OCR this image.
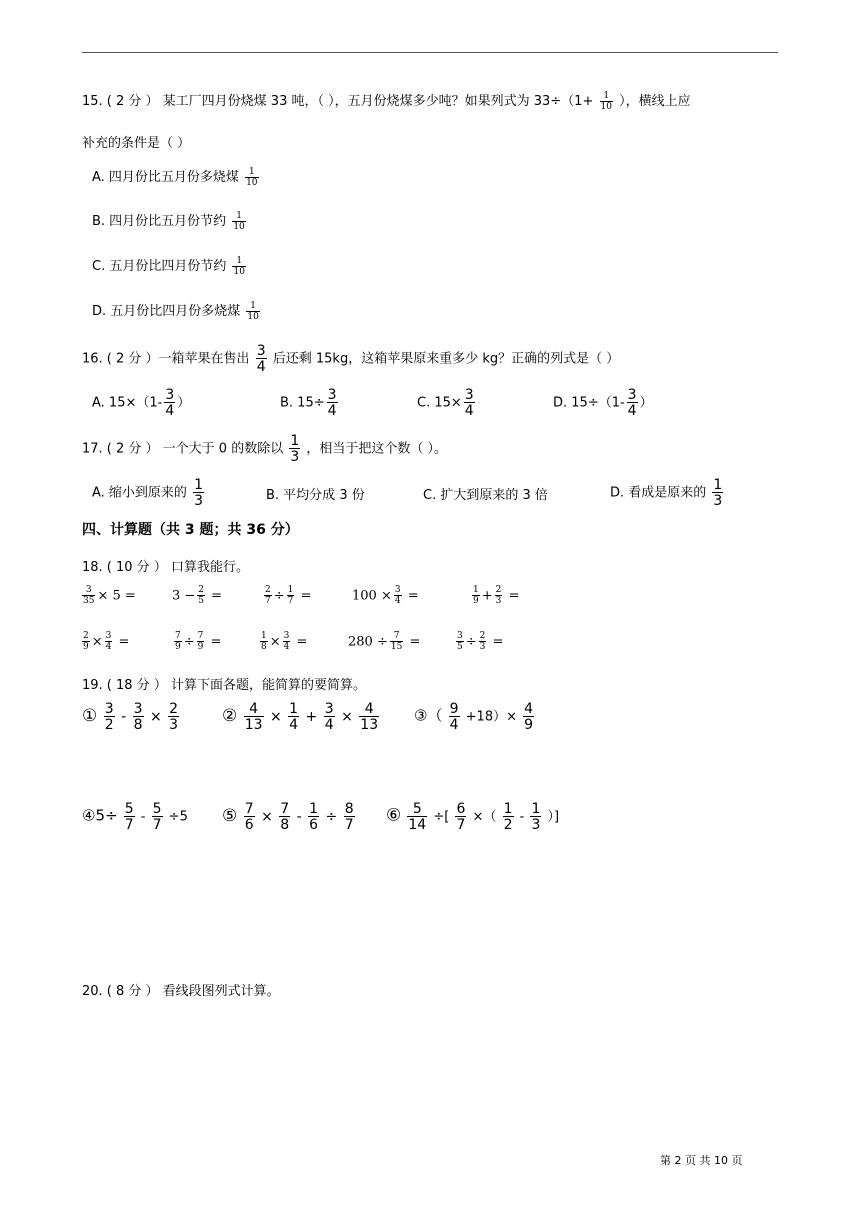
15. ( 2 分 ） 某工厂四月份烧煤 33 吨，（ ），五月份烧煤多少吨？如果列式为 $33\div(1+ \frac{1}{10}$ ），横线上应
补充的条件是（ ）
A. 四月份比五月份多烧煤 $\frac{1}{10}$
B. 四月份比五月份节约 $\frac{1}{10}$
C. 五月份比四月份节约 $\frac{1}{10}$
D. 五月份比四月份多烧煤 $\frac{1}{10}$
16. ( 2 分 ）一箱苹果在售出 $\frac{3}{4}$ 后还剩 15kg，这箱苹果原来重多少 kg？正确的列式是（ ）
A. $15\times(1- \frac{3}{4}$ ）	B. $15\div \frac{3}{4}$	C. $15\times \frac{3}{4}$	D. $15\div(1- \frac{3}{4}$ ）
17. ( 2 分 ） 一个大于 0 的数除以 $\frac{1}{3}$ ，相当于把这个数（ ）。
A. 缩小到原来的 $\frac{1}{3}$	B. 平均分成 3 份	C. 扩大到原来的 3 倍	D. 看成是原来的 $\frac{1}{3}$
四、计算题（共 3 题；共 36 分）
18. ( 10 分 ） 口算我能行。
$\frac{3}{35} \times 5$ =	$3 - \frac{2}{5}$ =	$\frac{2}{7} \div \frac{1}{7}$ =	$100 \times \frac{3}{4}$ =	$\frac{1}{9} + \frac{2}{3}$ =
$\frac{2}{9} \times \frac{3}{4}$ =	$\frac{7}{9} \div \frac{7}{9}$ =	$\frac{1}{8} \times \frac{3}{4}$ =	$280 \div \frac{7}{15}$ =	$\frac{3}{5} \div \frac{2}{3}$ =
19. ( 18 分 ） 计算下面各题，能简算的要简算。
① $\frac{3}{2} - \frac{3}{8} \times \frac{2}{3}$	② $\frac{4}{13} \times \frac{1}{4} + \frac{3}{4} \times \frac{4}{13}$ ③（ $\frac{9}{4} +18)\times \frac{4}{9}$
④5÷ $\frac{5}{7} - \frac{5}{7} \div 5$ ⑤ $\frac{7}{6} \times \frac{7}{8} - \frac{1}{6} \div \frac{8}{7}$ ⑥ $\frac{5}{14}$ ÷[ $\frac{6}{7}$ ×（ $\frac{1}{2} - \frac{1}{3}$ ）]
20. ( 8 分 ） 看线段图列式计算。
第 2 页 共 10 页
